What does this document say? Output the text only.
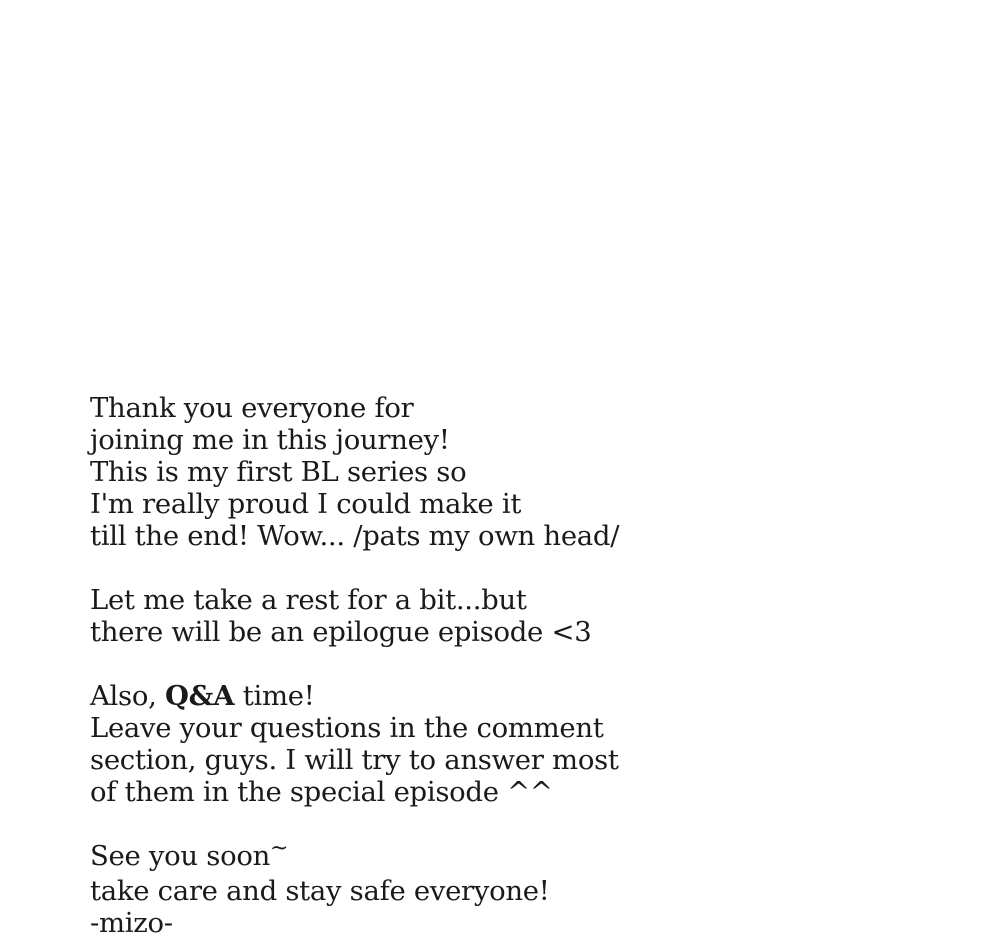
Thank you everyone for
joining me in this journey!
This is my first BL series so
I'm really proud I could make it
till the end! Wow... /pats my own head/
Let me take a rest for a bit...but
there will be an epilogue episode <3
Also, Q&A time!
Leave your questions in the comment
section, guys. I will try to answer most
of them in the special episode ^^
See you soon~
take care and stay safe everyone!
-mizo-
